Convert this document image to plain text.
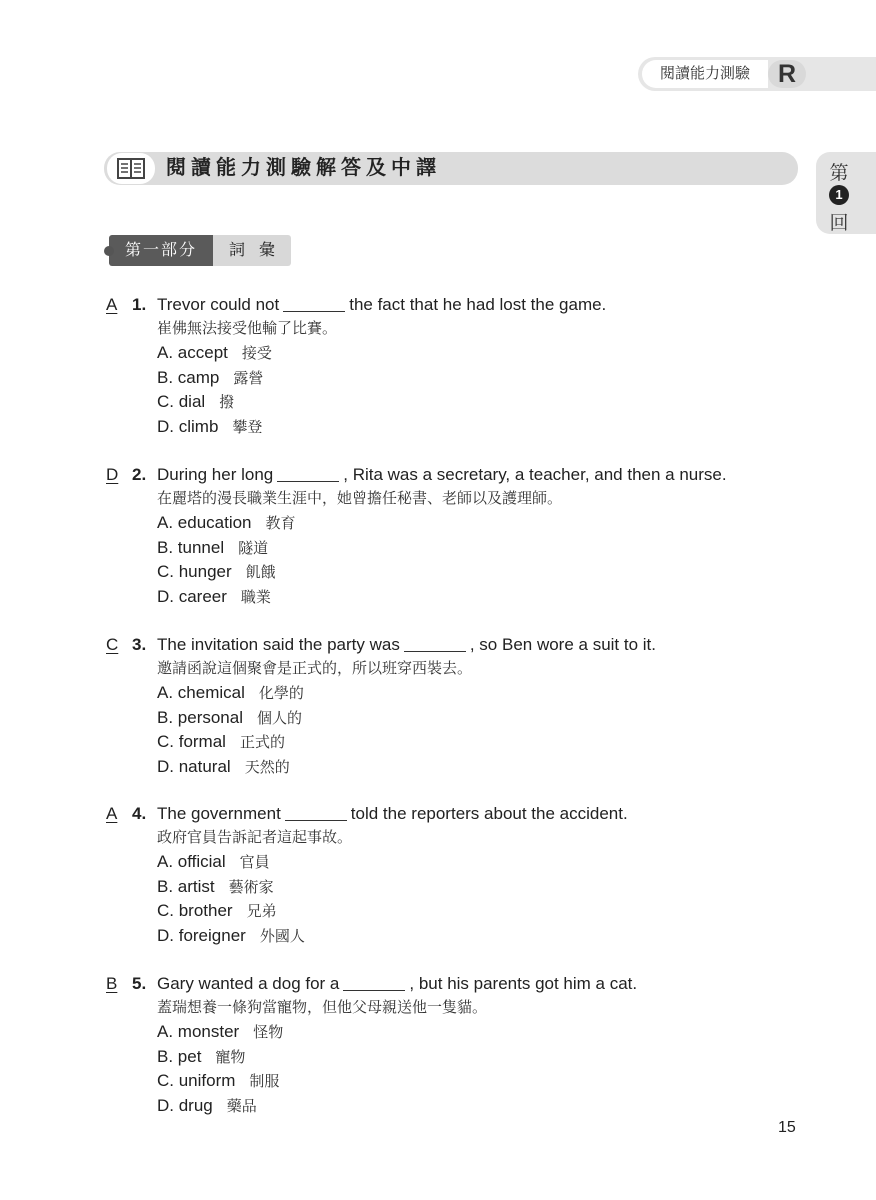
閱讀能力測驗	R
第
回
1
閱讀能力測驗解答及中譯
第一部分	詞彙
A 1. Trevor could not	the fact that he had lost the game.
崔佛無法接受他輸了比賽。
A. accept 接受
B. camp 露營
C. dial 撥
D. climb 攀登
D 2. During her long	, Rita was a secretary, a teacher, and then a nurse.
在麗塔的漫長職業生涯中，她曾擔任秘書、老師以及護理師。
A. education 教育
B. tunnel 隧道
C. hunger 飢餓
D. career 職業
C 3. The invitation said the party was	, so Ben wore a suit to it.
邀請函說這個聚會是正式的，所以班穿西裝去。
A. chemical 化學的
B. personal 個人的
C. formal 正式的
D. natural 天然的
A 4. The government	told the reporters about the accident.
政府官員告訴記者這起事故。
A. official 官員
B. artist 藝術家
C. brother 兄弟
D. foreigner 外國人
B 5. Gary wanted a dog for a	, but his parents got him a cat.
蓋瑞想養一條狗當寵物，但他父母親送他一隻貓。
A. monster 怪物
B. pet 寵物
C. uniform 制服
D. drug 藥品
15
